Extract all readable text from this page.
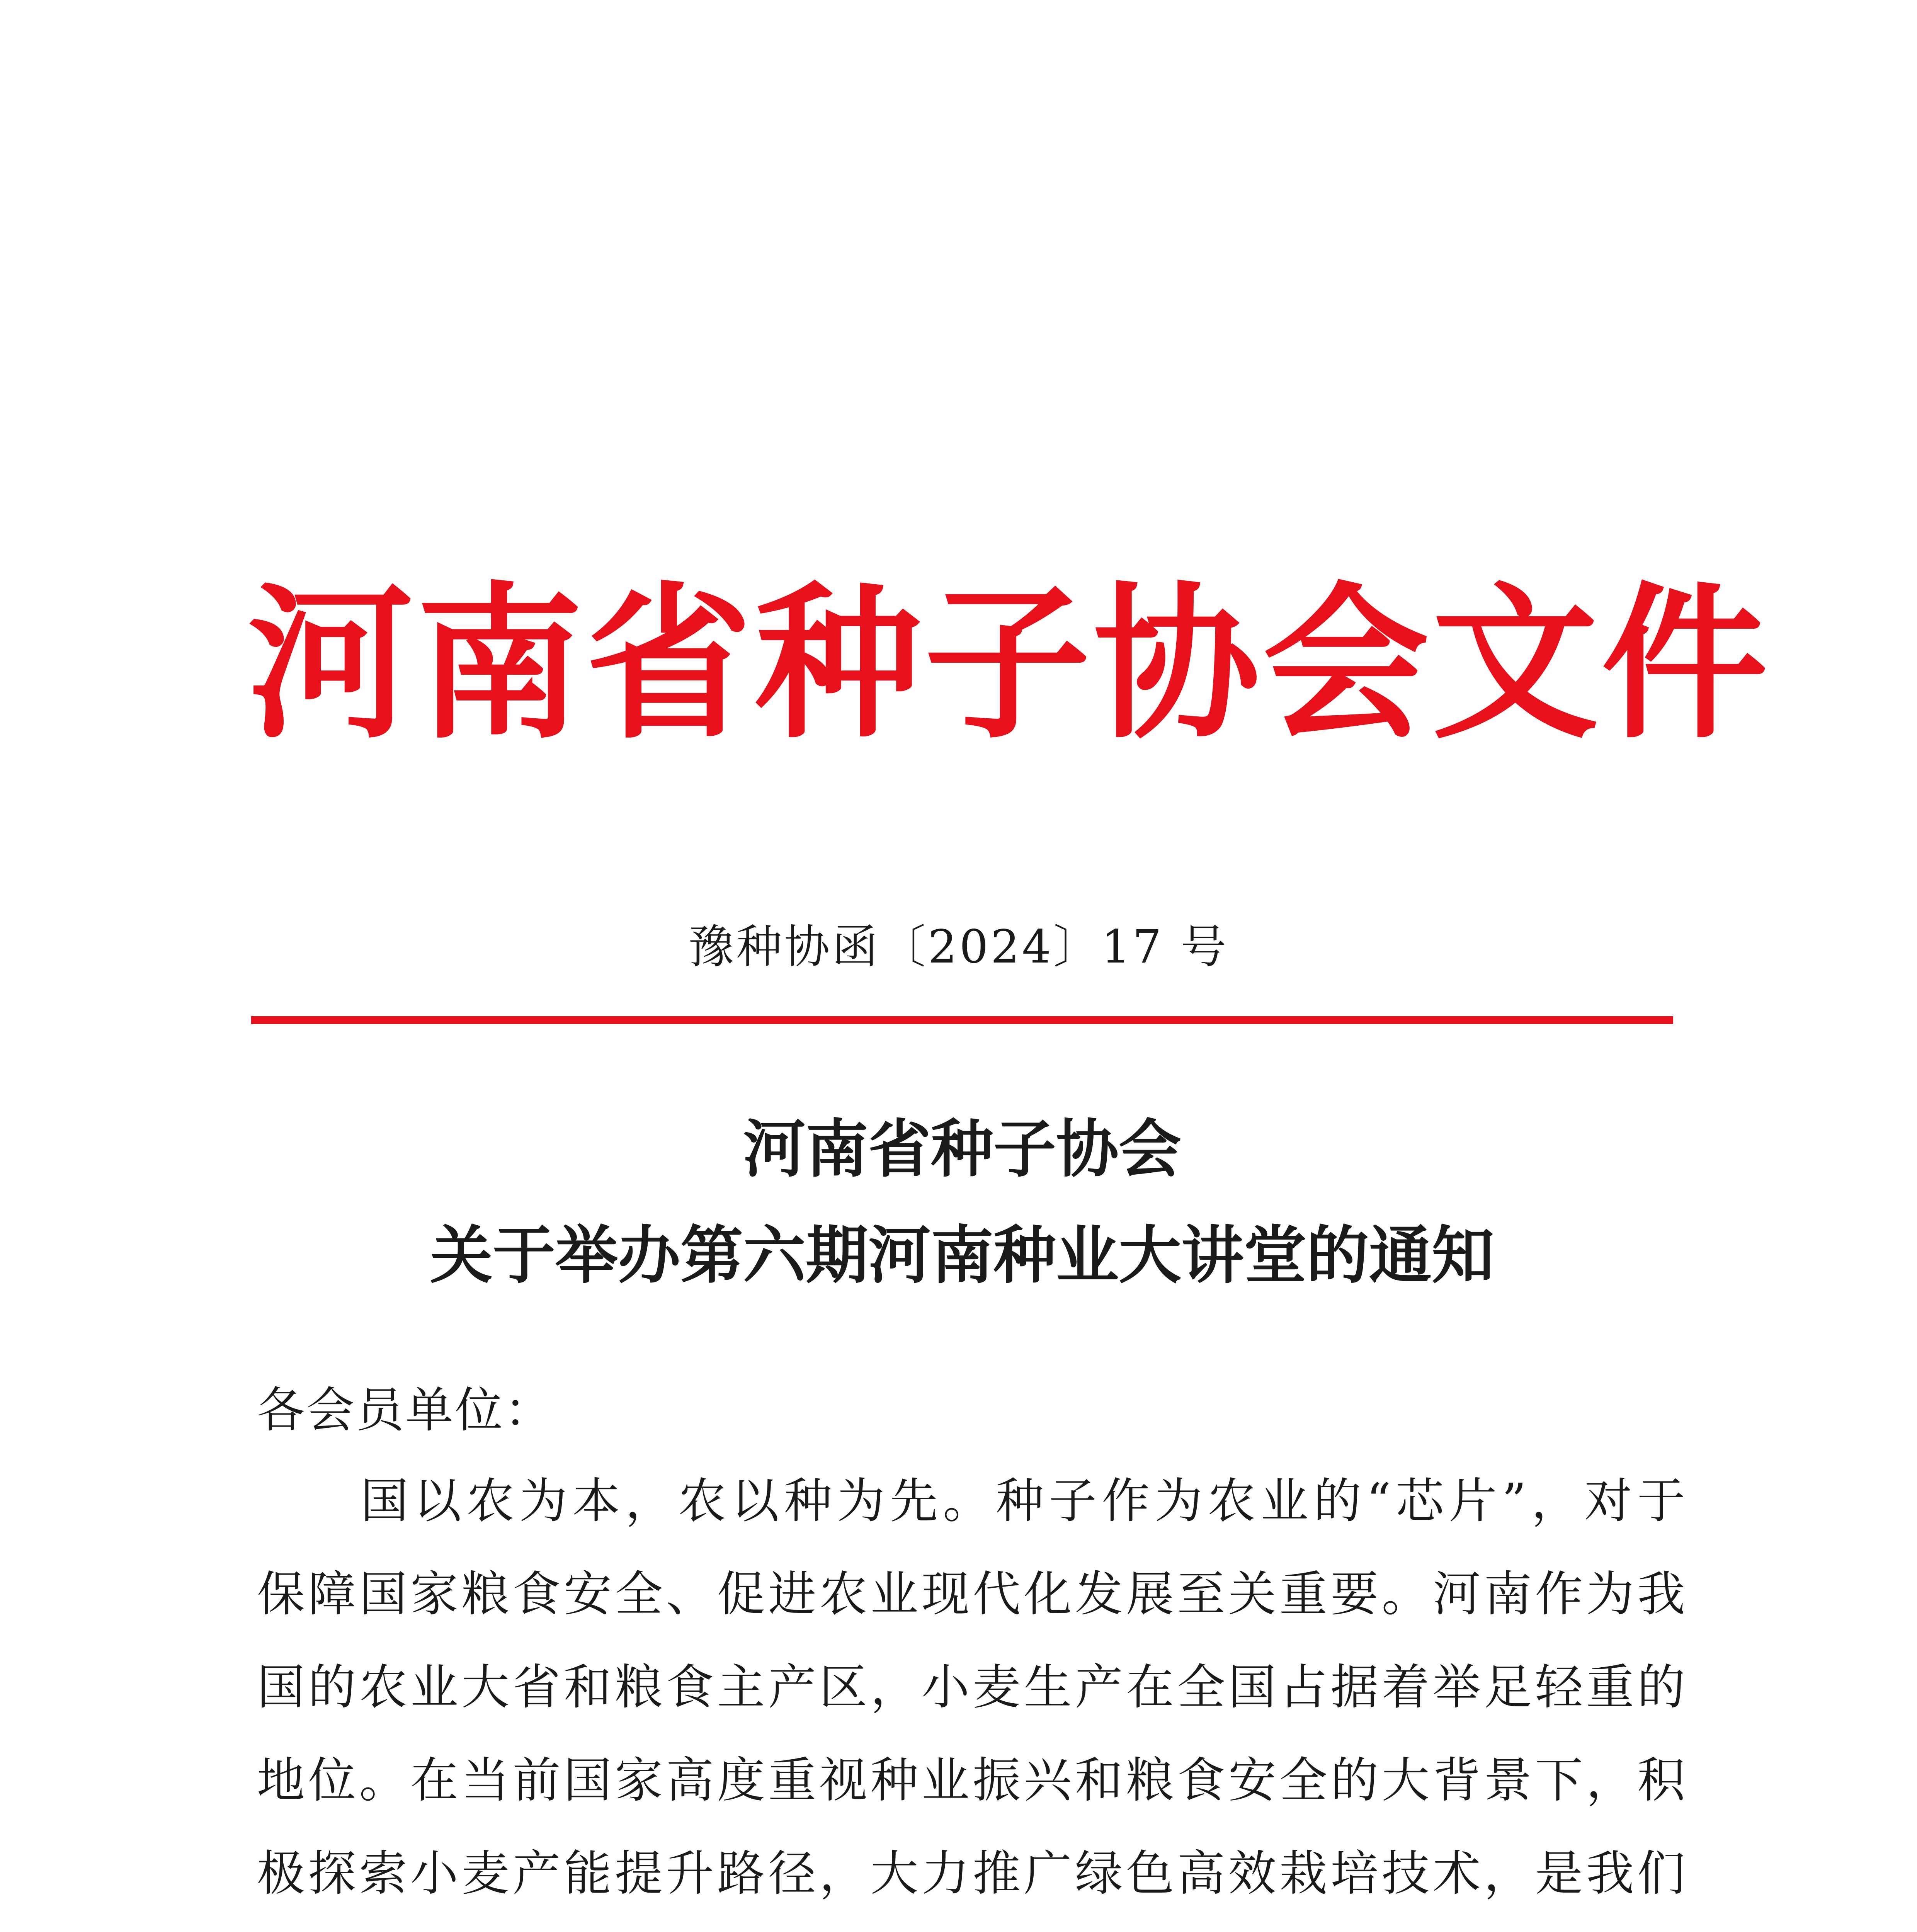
河南省种子协会文件
豫种协函〔2024〕17 号
河南省种子协会
关于举办第六期河南种业大讲堂的通知
各会员单位：
国以农为本，农以种为先。种子作为农业的“芯片”，对于
保障国家粮食安全、促进农业现代化发展至关重要。河南作为我
国的农业大省和粮食主产区，小麦生产在全国占据着举足轻重的
地位。在当前国家高度重视种业振兴和粮食安全的大背景下，积
极探索小麦产能提升路径，大力推广绿色高效栽培技术，是我们
